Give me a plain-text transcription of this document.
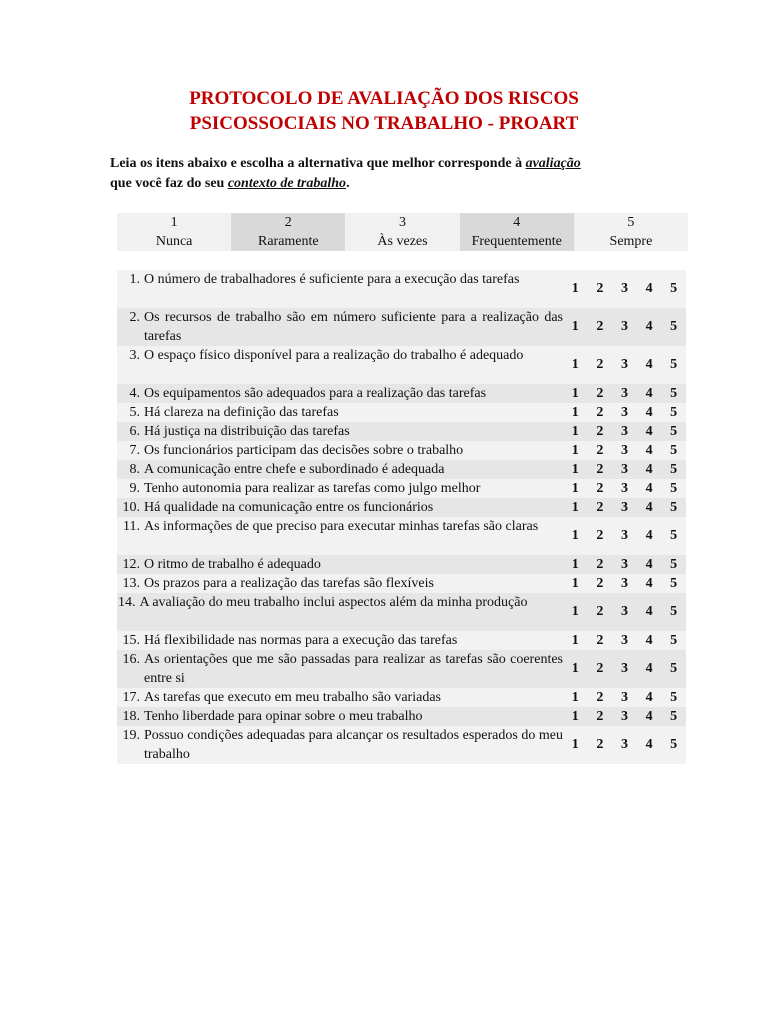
PROTOCOLO DE AVALIAÇÃO DOS RISCOS
PSICOSSOCIAIS NO TRABALHO - PROART
Leia os itens abaixo e escolha a alternativa que melhor corresponde à avaliação
que você faz do seu contexto de trabalho.
1
Nunca
2
Raramente
3
Às vezes
4
Frequentemente
5
Sempre
1. O número de trabalhadores é suficiente para a execução das tarefas
1	2	3	4	5
2. Os recursos de trabalho são em número suficiente para a realização das tarefas
1	2	3	4	5
3. O espaço físico disponível para a realização do trabalho é adequado
1	2	3	4	5
4. Os equipamentos são adequados para a realização das tarefas	1	2	3	4	5
5. Há clareza na definição das tarefas	1	2	3	4	5
6. Há justiça na distribuição das tarefas	1	2	3	4	5
7. Os funcionários participam das decisões sobre o trabalho	1	2	3	4	5
8. A comunicação entre chefe e subordinado é adequada	1	2	3	4	5
9. Tenho autonomia para realizar as tarefas como julgo melhor	1	2	3	4	5
10. Há qualidade na comunicação entre os funcionários	1	2	3	4	5
11. As informações de que preciso para executar minhas tarefas são claras
1	2	3	4	5
12. O ritmo de trabalho é adequado	1	2	3	4	5
13. Os prazos para a realização das tarefas são flexíveis	1	2	3	4	5
14. A avaliação do meu trabalho inclui aspectos além da minha produção
1	2	3	4	5
15. Há flexibilidade nas normas para a execução das tarefas	1	2	3	4	5
16. As orientações que me são passadas para realizar as tarefas são coerentes entre si
1	2	3	4	5
17. As tarefas que executo em meu trabalho são variadas	1	2	3	4	5
18. Tenho liberdade para opinar sobre o meu trabalho	1	2	3	4	5
19. Possuo condições adequadas para alcançar os resultados esperados do meu trabalho
1	2	3	4	5
